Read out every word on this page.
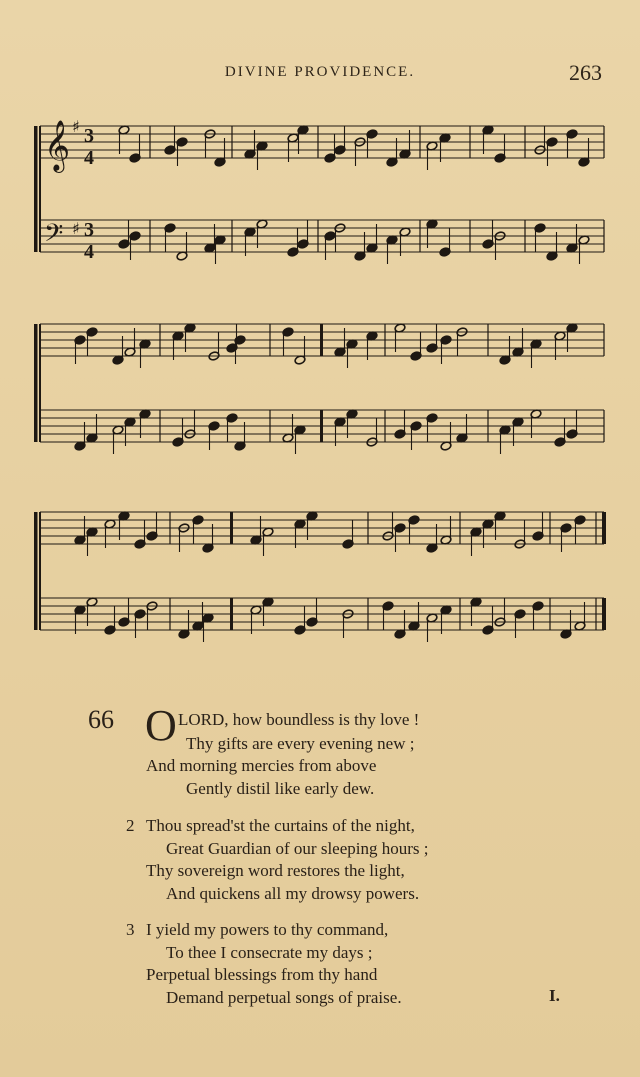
DIVINE PROVIDENCE.	263
𝄞
𝄢
♯
♯
3
4
3
4
66 O LORD, how boundless is thy love !
Thy gifts are every evening new ;
And morning mercies from above
Gently distil like early dew.
2 Thou spread'st the curtains of the night,
Great Guardian of our sleeping hours ;
Thy sovereign word restores the light,
And quickens all my drowsy powers.
3 I yield my powers to thy command,
To thee I consecrate my days ;
Perpetual blessings from thy hand
Demand perpetual songs of praise.	I.
